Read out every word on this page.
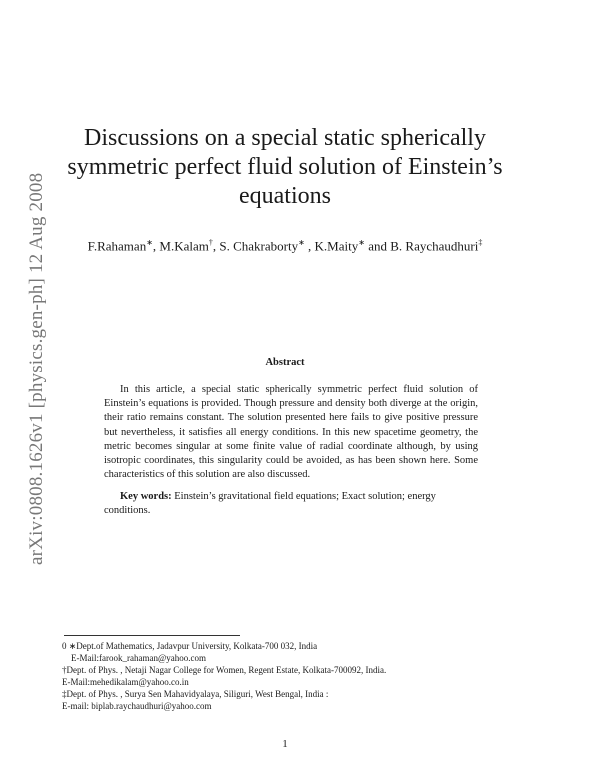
arXiv:0808.1626v1 [physics.gen-ph] 12 Aug 2008
Discussions on a special static spherically
symmetric perfect fluid solution of Einstein’s
equations
F.Rahaman∗, M.Kalam†, S. Chakraborty∗ , K.Maity∗ and B. Raychaudhuri‡
Abstract
In this article, a special static spherically symmetric perfect fluid solution of Einstein’s equations is provided. Though pressure and density both diverge at the origin, their ratio remains constant. The solution presented here fails to give positive pressure but nevertheless, it satisfies all energy conditions. In this new spacetime geometry, the metric becomes singular at some finite value of radial coordinate although, by using isotropic coordinates, this singularity could be avoided, as has been shown here. Some characteristics of this solution are also discussed.
Key words: Einstein’s gravitational field equations; Exact solution; energy conditions.
0 ∗Dept.of Mathematics, Jadavpur University, Kolkata-700 032, India
E-Mail:farook_rahaman@yahoo.com
†Dept. of Phys. , Netaji Nagar College for Women, Regent Estate, Kolkata-700092, India.
E-Mail:mehedikalam@yahoo.co.in
‡Dept. of Phys. , Surya Sen Mahavidyalaya, Siliguri, West Bengal, India :
E-mail: biplab.raychaudhuri@yahoo.com
1
